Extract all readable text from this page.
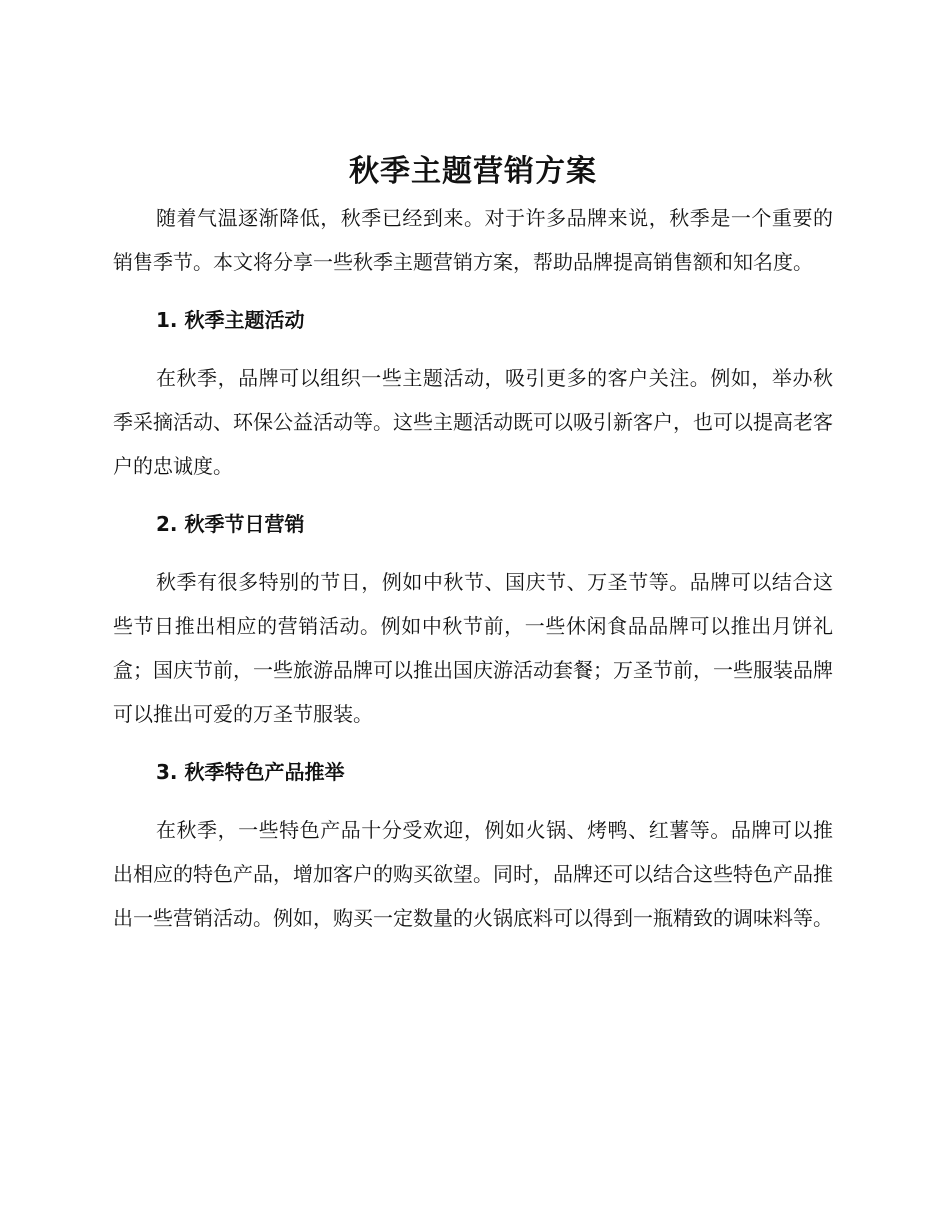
秋季主题营销方案

随着气温逐渐降低，秋季已经到来。对于许多品牌来说，秋季是一个重要的销售季节。本文将分享一些秋季主题营销方案，帮助品牌提高销售额和知名度。

1. 秋季主题活动

在秋季，品牌可以组织一些主题活动，吸引更多的客户关注。例如，举办秋季采摘活动、环保公益活动等。这些主题活动既可以吸引新客户，也可以提高老客户的忠诚度。

2. 秋季节日营销

秋季有很多特别的节日，例如中秋节、国庆节、万圣节等。品牌可以结合这些节日推出相应的营销活动。例如中秋节前，一些休闲食品品牌可以推出月饼礼盒；国庆节前，一些旅游品牌可以推出国庆游活动套餐；万圣节前，一些服装品牌可以推出可爱的万圣节服装。

3. 秋季特色产品推举

在秋季，一些特色产品十分受欢迎，例如火锅、烤鸭、红薯等。品牌可以推出相应的特色产品，增加客户的购买欲望。同时，品牌还可以结合这些特色产品推出一些营销活动。例如，购买一定数量的火锅底料可以得到一瓶精致的调味料等。
